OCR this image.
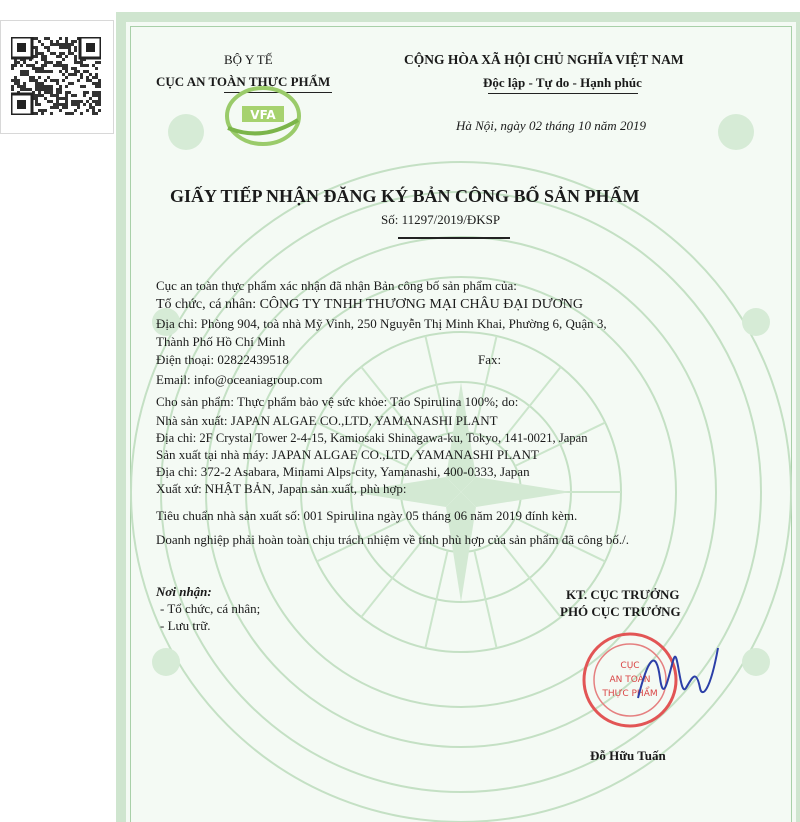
BỘ Y TẾ
CỤC AN TOÀN THỰC PHẨM
VFA
CỘNG HÒA XÃ HỘI CHỦ NGHĨA VIỆT NAM
Độc lập - Tự do - Hạnh phúc
Hà Nội, ngày 02 tháng 10 năm 2019
GIẤY TIẾP NHẬN ĐĂNG KÝ BẢN CÔNG BỐ SẢN PHẨM
Số: 11297/2019/ĐKSP
Cục an toàn thực phẩm xác nhận đã nhận Bản công bố sản phẩm của:
Tổ chức, cá nhân: CÔNG TY TNHH THƯƠNG MẠI CHÂU ĐẠI DƯƠNG
Địa chỉ: Phòng 904, toà nhà Mỹ Vinh, 250 Nguyễn Thị Minh Khai, Phường 6, Quận 3,
Thành Phố Hồ Chí Minh
Điện thoại: 02822439518	Fax:
Email: info@oceaniagroup.com
Cho sản phẩm: Thực phẩm bảo vệ sức khỏe: Tảo Spirulina 100%; do:
Nhà sản xuất: JAPAN ALGAE CO.,LTD, YAMANASHI PLANT
Địa chỉ: 2F Crystal Tower 2-4-15, Kamiosaki Shinagawa-ku, Tokyo, 141-0021, Japan
Sản xuất tại nhà máy: JAPAN ALGAE CO.,LTD, YAMANASHI PLANT
Địa chỉ: 372-2 Asabara, Minami Alps-city, Yamanashi, 400-0333, Japan
Xuất xứ: NHẬT BẢN, Japan sản xuất, phù hợp:
Tiêu chuẩn nhà sản xuất số: 001 Spirulina ngày 05 tháng 06 năm 2019 đính kèm.
Doanh nghiệp phải hoàn toàn chịu trách nhiệm về tính phù hợp của sản phẩm đã công bố./.
Nơi nhận:
- Tổ chức, cá nhân;
- Lưu trữ.
KT. CỤC TRƯỞNG
PHÓ CỤC TRƯỞNG
CỤC
AN TOÀN
THỰC PHẨM
Đỗ Hữu Tuấn
